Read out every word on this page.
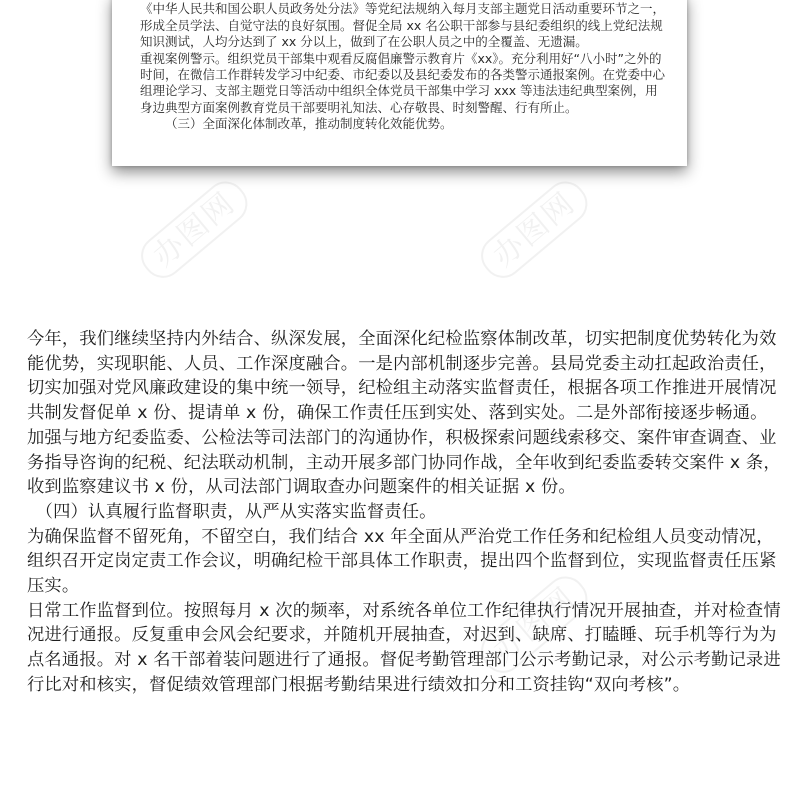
办图网	办图网
办图网

《中华人民共和国公职人员政务处分法》等党纪法规纳入每月支部主题党日活动重要环节之一，形成全员学法、自觉守法的良好氛围。督促全局 xx 名公职干部参与县纪委组织的线上党纪法规知识测试，人均分达到了 xx 分以上，做到了在公职人员之中的全覆盖、无遗漏。

重视案例警示。组织党员干部集中观看反腐倡廉警示教育片《xx》。充分利用好“八小时”之外的时间，在微信工作群转发学习中纪委、市纪委以及县纪委发布的各类警示通报案例。在党委中心组理论学习、支部主题党日等活动中组织全体党员干部集中学习 xxx 等违法违纪典型案例，用身边典型方面案例教育党员干部要明礼知法、心存敬畏、时刻警醒、行有所止。

（三）全面深化体制改革，推动制度转化效能优势。

今年，我们继续坚持内外结合、纵深发展，全面深化纪检监察体制改革，切实把制度优势转化为效能优势，实现职能、人员、工作深度融合。一是内部机制逐步完善。县局党委主动扛起政治责任，切实加强对党风廉政建设的集中统一领导，纪检组主动落实监督责任，根据各项工作推进开展情况共制发督促单 x 份、提请单 x 份，确保工作责任压到实处、落到实处。二是外部衔接逐步畅通。加强与地方纪委监委、公检法等司法部门的沟通协作，积极探索问题线索移交、案件审查调查、业务指导咨询的纪税、纪法联动机制，主动开展多部门协同作战，全年收到纪委监委转交案件 x 条，收到监察建议书 x 份，从司法部门调取查办问题案件的相关证据 x 份。

（四）认真履行监督职责，从严从实落实监督责任。

为确保监督不留死角，不留空白，我们结合 xx 年全面从严治党工作任务和纪检组人员变动情况，组织召开定岗定责工作会议，明确纪检干部具体工作职责，提出四个监督到位，实现监督责任压紧压实。

日常工作监督到位。按照每月 x 次的频率，对系统各单位工作纪律执行情况开展抽查，并对检查情况进行通报。反复重申会风会纪要求，并随机开展抽查，对迟到、缺席、打瞌睡、玩手机等行为为点名通报。对 x 名干部着装问题进行了通报。督促考勤管理部门公示考勤记录，对公示考勤记录进行比对和核实，督促绩效管理部门根据考勤结果进行绩效扣分和工资挂钩“双向考核”。
